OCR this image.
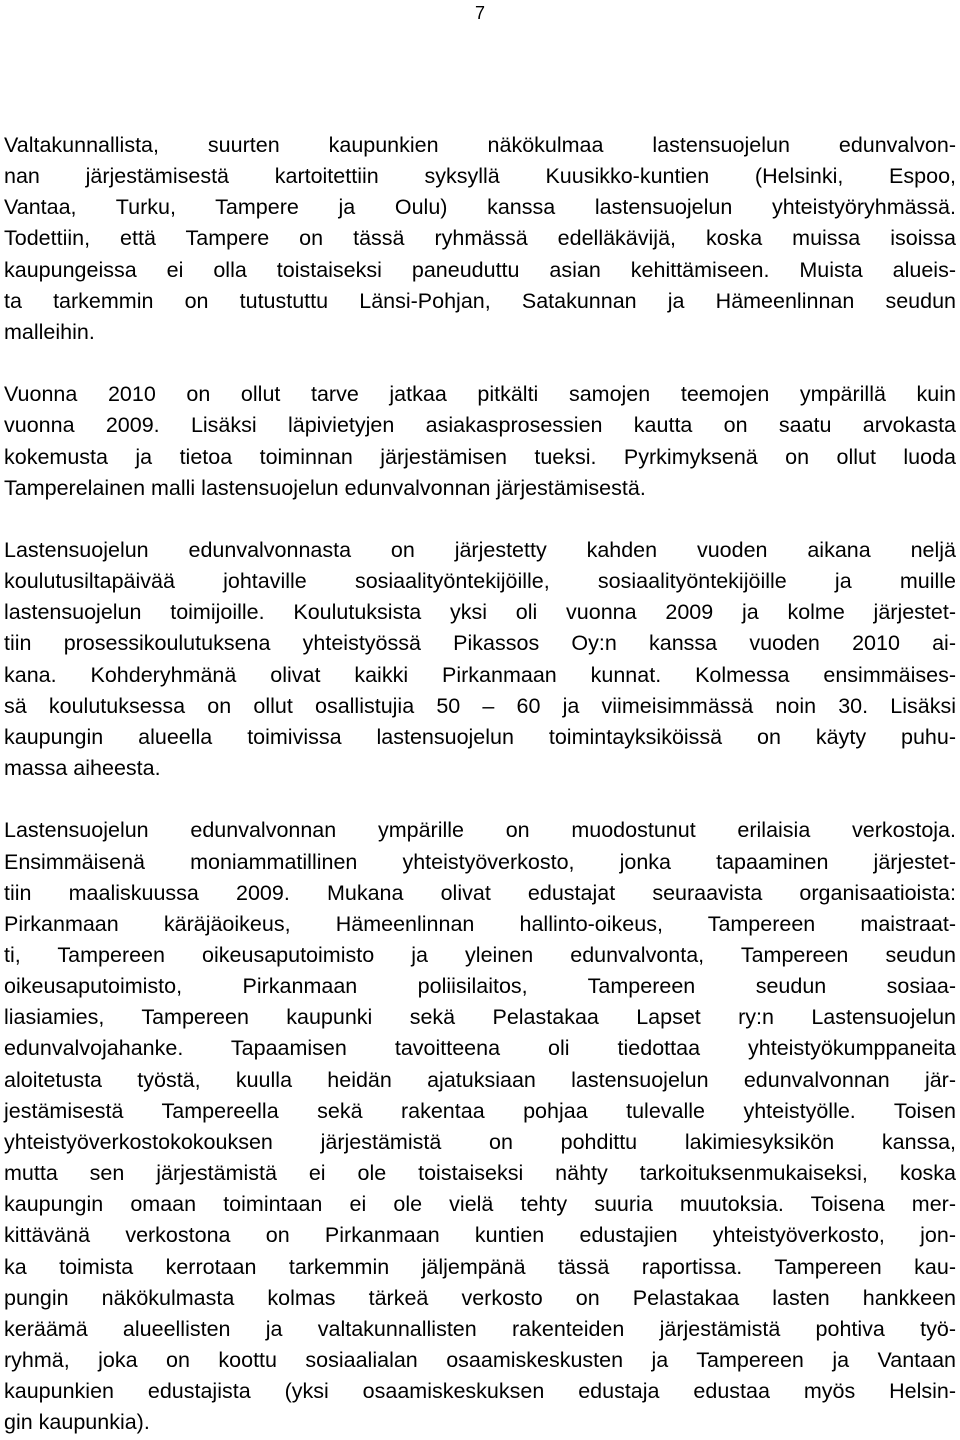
7
Valtakunnallista, suurten kaupunkien näkökulmaa lastensuojelun edunvalvon-
nan järjestämisestä kartoitettiin syksyllä Kuusikko-kuntien (Helsinki, Espoo,
Vantaa, Turku, Tampere ja Oulu) kanssa lastensuojelun yhteistyöryhmässä.
Todettiin, että Tampere on tässä ryhmässä edelläkävijä, koska muissa isoissa
kaupungeissa ei olla toistaiseksi paneuduttu asian kehittämiseen. Muista alueis-
ta tarkemmin on tutustuttu Länsi-Pohjan, Satakunnan ja Hämeenlinnan seudun
malleihin.
Vuonna 2010 on ollut tarve jatkaa pitkälti samojen teemojen ympärillä kuin
vuonna 2009. Lisäksi läpivietyjen asiakasprosessien kautta on saatu arvokasta
kokemusta ja tietoa toiminnan järjestämisen tueksi. Pyrkimyksenä on ollut luoda
Tamperelainen malli lastensuojelun edunvalvonnan järjestämisestä.
Lastensuojelun edunvalvonnasta on järjestetty kahden vuoden aikana neljä
koulutusiltapäivää johtaville sosiaalityöntekijöille, sosiaalityöntekijöille ja muille
lastensuojelun toimijoille. Koulutuksista yksi oli vuonna 2009 ja kolme järjestet-
tiin prosessikoulutuksena yhteistyössä Pikassos Oy:n kanssa vuoden 2010 ai-
kana. Kohderyhmänä olivat kaikki Pirkanmaan kunnat. Kolmessa ensimmäises-
sä koulutuksessa on ollut osallistujia 50 – 60 ja viimeisimmässä noin 30. Lisäksi
kaupungin alueella toimivissa lastensuojelun toimintayksiköissä on käyty puhu-
massa aiheesta.
Lastensuojelun edunvalvonnan ympärille on muodostunut erilaisia verkostoja.
Ensimmäisenä moniammatillinen yhteistyöverkosto, jonka tapaaminen järjestet-
tiin maaliskuussa 2009. Mukana olivat edustajat seuraavista organisaatioista:
Pirkanmaan käräjäoikeus, Hämeenlinnan hallinto-oikeus, Tampereen maistraat-
ti, Tampereen oikeusaputoimisto ja yleinen edunvalvonta, Tampereen seudun
oikeusaputoimisto, Pirkanmaan poliisilaitos, Tampereen seudun sosiaa-
liasiamies, Tampereen kaupunki sekä Pelastakaa Lapset ry:n Lastensuojelun
edunvalvojahanke. Tapaamisen tavoitteena oli tiedottaa yhteistyökumppaneita
aloitetusta työstä, kuulla heidän ajatuksiaan lastensuojelun edunvalvonnan jär-
jestämisestä Tampereella sekä rakentaa pohjaa tulevalle yhteistyölle. Toisen
yhteistyöverkostokokouksen järjestämistä on pohdittu lakimiesyksikön kanssa,
mutta sen järjestämistä ei ole toistaiseksi nähty tarkoituksenmukaiseksi, koska
kaupungin omaan toimintaan ei ole vielä tehty suuria muutoksia. Toisena mer-
kittävänä verkostona on Pirkanmaan kuntien edustajien yhteistyöverkosto, jon-
ka toimista kerrotaan tarkemmin jäljempänä tässä raportissa. Tampereen kau-
pungin näkökulmasta kolmas tärkeä verkosto on Pelastakaa lasten hankkeen
keräämä alueellisten ja valtakunnallisten rakenteiden järjestämistä pohtiva työ-
ryhmä, joka on koottu sosiaalialan osaamiskeskusten ja Tampereen ja Vantaan
kaupunkien edustajista (yksi osaamiskeskuksen edustaja edustaa myös Helsin-
gin kaupunkia).
